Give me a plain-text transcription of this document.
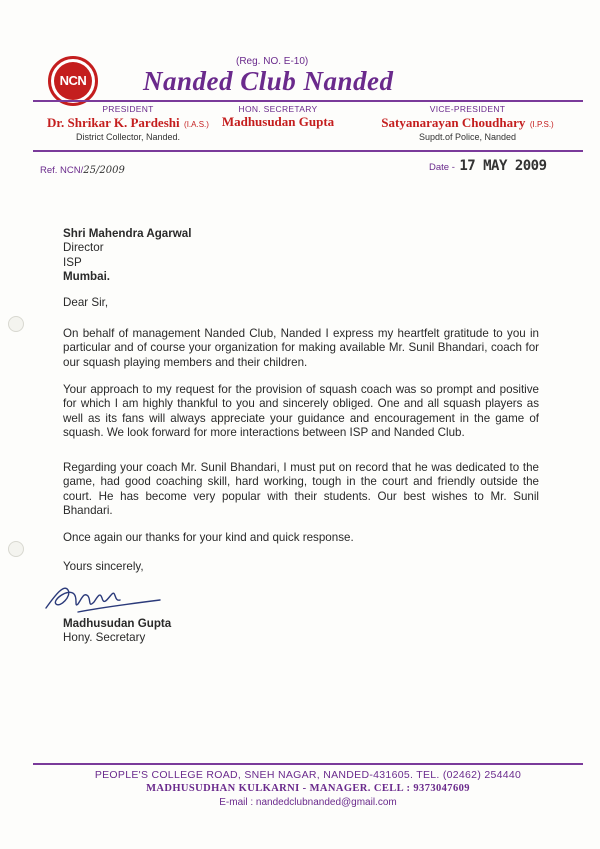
NCN
(Reg. NO. E-10)
Nanded Club Nanded
PRESIDENT
Dr. Shrikar K. Pardeshi (I.A.S.)
District Collector, Nanded.
HON. SECRETARY
Madhusudan Gupta
VICE-PRESIDENT
Satyanarayan Choudhary (I.P.S.)
Supdt.of Police, Nanded
Ref. NCN/25/2009	Date - 17 MAY 2009
Shri Mahendra Agarwal
Director
ISP
Mumbai.
Dear Sir,
On behalf of management Nanded Club, Nanded I express my heartfelt gratitude to you in particular and of course your organization for making available Mr. Sunil Bhandari, coach for our squash playing members and their children.
Your approach to my request for the provision of squash coach was so prompt and positive for which I am highly thankful to you and sincerely obliged. One and all squash players as well as its fans will always appreciate your guidance and encouragement in the game of squash. We look forward for more interactions between ISP and Nanded Club.
Regarding your coach Mr. Sunil Bhandari, I must put on record that he was dedicated to the game, had good coaching skill, hard working, tough in the court and friendly outside the court. He has become very popular with their students. Our best wishes to Mr. Sunil Bhandari.
Once again our thanks for your kind and quick response.
Yours sincerely,
Madhusudan Gupta
Hony. Secretary
PEOPLE'S COLLEGE ROAD, SNEH NAGAR, NANDED-431605. TEL. (02462) 254440
MADHUSUDHAN KULKARNI - MANAGER. CELL : 9373047609
E-mail : nandedclubnanded@gmail.com
